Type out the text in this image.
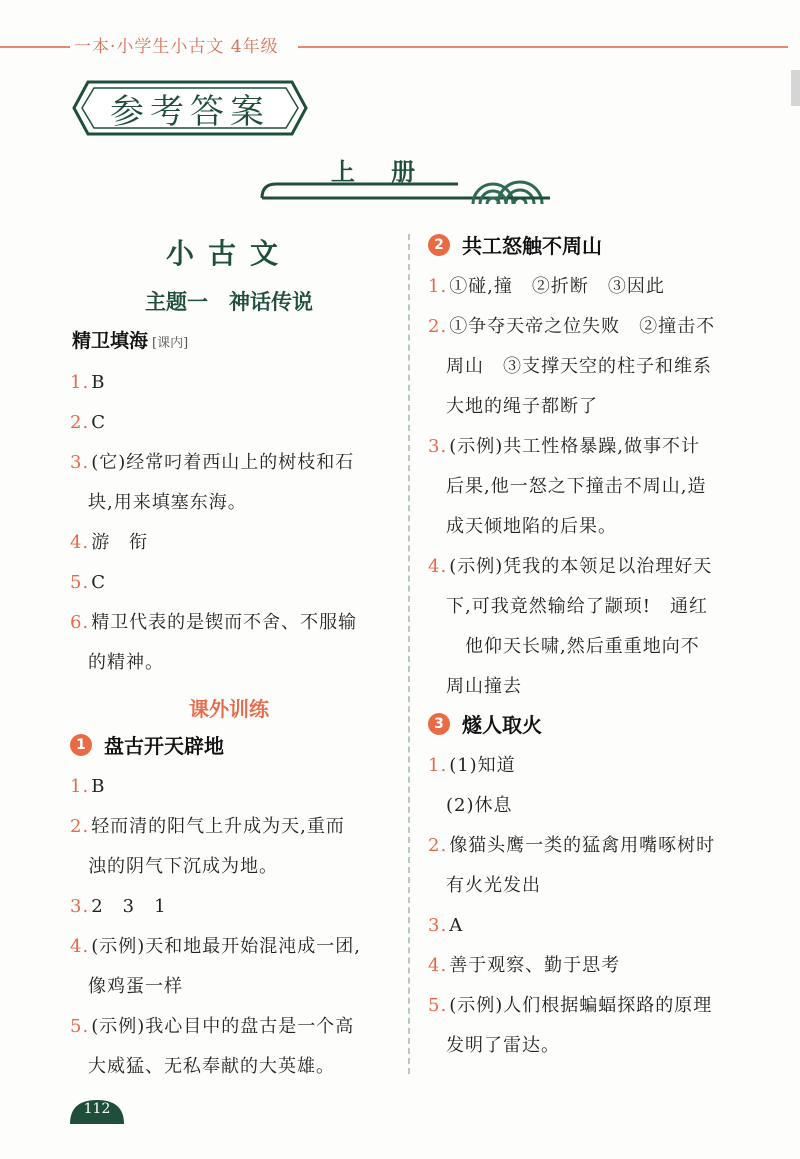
一本·小学生小古文 4年级
参考答案
上 册
小古文
主题一　神话传说
精卫填海 [课内]
1. B
2. C
3. (它)经常叼着西山上的树枝和石
块,用来填塞东海。
4. 游　衔
5. C
6. 精卫代表的是锲而不舍、不服输
的精神。
课外训练
1 盘古开天辟地
1. B
2. 轻而清的阳气上升成为天,重而
浊的阴气下沉成为地。
3. 2　3　1
4. (示例)天和地最开始混沌成一团,
像鸡蛋一样
5. (示例)我心目中的盘古是一个高
大威猛、无私奉献的大英雄。
2 共工怒触不周山
1. ①碰,撞　②折断　③因此
2. ①争夺天帝之位失败　②撞击不
周山　③支撑天空的柱子和维系
大地的绳子都断了
3. (示例)共工性格暴躁,做事不计
后果,他一怒之下撞击不周山,造
成天倾地陷的后果。
4. (示例)凭我的本领足以治理好天
下,可我竟然输给了颛顼!　通红
　他仰天长啸,然后重重地向不
周山撞去
3 燧人取火
1. (1)知道
(2)休息
2. 像猫头鹰一类的猛禽用嘴啄树时
有火光发出
3. A
4. 善于观察、勤于思考
5. (示例)人们根据蝙蝠探路的原理
发明了雷达。
112
